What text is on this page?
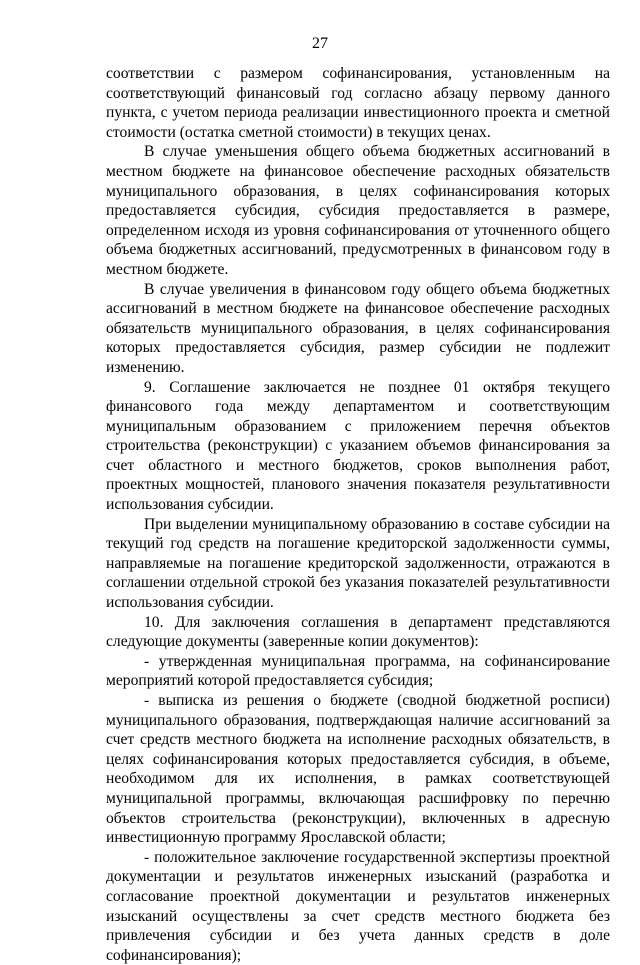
27

соответствии с размером софинансирования, установленным на соответствующий финансовый год согласно абзацу первому данного пункта, с учетом периода реализации инвестиционного проекта и сметной стоимости (остатка сметной стоимости) в текущих ценах.

В случае уменьшения общего объема бюджетных ассигнований в местном бюджете на финансовое обеспечение расходных обязательств муниципального образования, в целях софинансирования которых предоставляется субсидия, субсидия предоставляется в размере, определенном исходя из уровня софинансирования от уточненного общего объема бюджетных ассигнований, предусмотренных в финансовом году в местном бюджете.

В случае увеличения в финансовом году общего объема бюджетных ассигнований в местном бюджете на финансовое обеспечение расходных обязательств муниципального образования, в целях софинансирования которых предоставляется субсидия, размер субсидии не подлежит изменению.

9. Соглашение заключается не позднее 01 октября текущего финансового года между департаментом и соответствующим муниципальным образованием с приложением перечня объектов строительства (реконструкции) с указанием объемов финансирования за счет областного и местного бюджетов, сроков выполнения работ, проектных мощностей, планового значения показателя результативности использования субсидии.

При выделении муниципальному образованию в составе субсидии на текущий год средств на погашение кредиторской задолженности суммы, направляемые на погашение кредиторской задолженности, отражаются в соглашении отдельной строкой без указания показателей результативности использования субсидии.

10. Для заключения соглашения в департамент представляются следующие документы (заверенные копии документов):

- утвержденная муниципальная программа, на софинансирование мероприятий которой предоставляется субсидия;

- выписка из решения о бюджете (сводной бюджетной росписи) муниципального образования, подтверждающая наличие ассигнований за счет средств местного бюджета на исполнение расходных обязательств, в целях софинансирования которых предоставляется субсидия, в объеме, необходимом для их исполнения, в рамках соответствующей муниципальной программы, включающая расшифровку по перечню объектов строительства (реконструкции), включенных в адресную инвестиционную программу Ярославской области;

- положительное заключение государственной экспертизы проектной документации и результатов инженерных изысканий (разработка и согласование проектной документации и результатов инженерных изысканий осуществлены за счет средств местного бюджета без привлечения субсидии и без учета данных средств в доле софинансирования);
